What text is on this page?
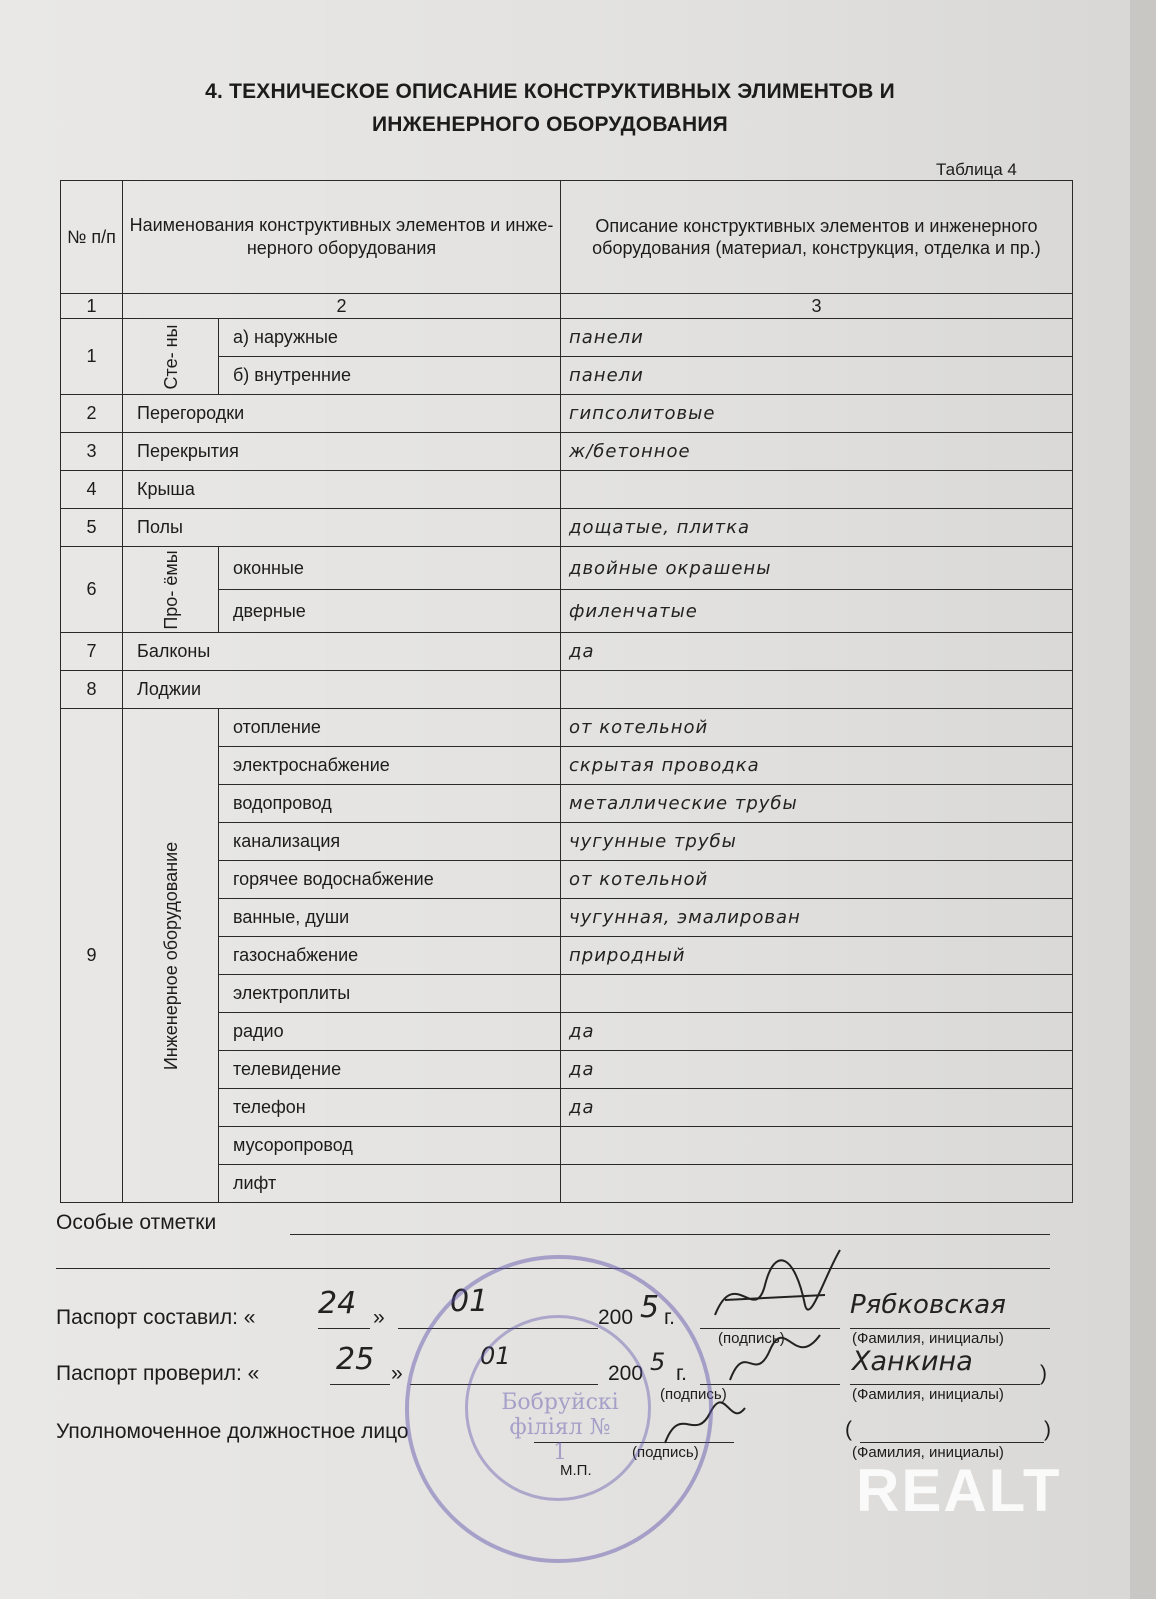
4. ТЕХНИЧЕСКОЕ ОПИСАНИЕ КОНСТРУКТИВНЫХ ЭЛИМЕНТОВ И
ИНЖЕНЕРНОГО ОБОРУДОВАНИЯ
Таблица 4
№ п/п	Наименования конструктивных элементов и инже-нерного оборудования		Описание конструктивных элементов и инженерного оборудования (материал, конструкция, отделка и пр.)
1	2		3
1	Сте- ны	а) наружные	панели
		б) внутренние	панели
2	Перегородки		гипсолитовые
3	Перекрытия		ж/бетонное
4	Крыша		
5	Полы		дощатые, плитка
6	Про- ёмы	оконные	двойные окрашены
		дверные	филенчатые
7	Балконы		да
8	Лоджии		
9	Инженерное оборудование	отопление	от котельной
		электроснабжение	скрытая проводка
		водопровод	металлические трубы
		канализация	чугунные трубы
		горячее водоснабжение	от котельной
		ванные, души	чугунная, эмалирован
		газоснабжение	природный
		электроплиты	
		радио	да
		телевидение	да
		телефон	да
		мусоропровод	
		лифт	
Особые отметки
Паспорт составил: « 24 » 01	200 5 г.
(подпись)
Рябковская
(Фамилия, инициалы)
Паспорт проверил: «	25 »
01
200 5 г.
(подпись)
Ханкина	)
(Фамилия, инициалы)
Уполномоченное должностное лицо
(подпись)
(	)
(Фамилия, инициалы)
М.П.
Бобруйскі філіял № 1
REALT
